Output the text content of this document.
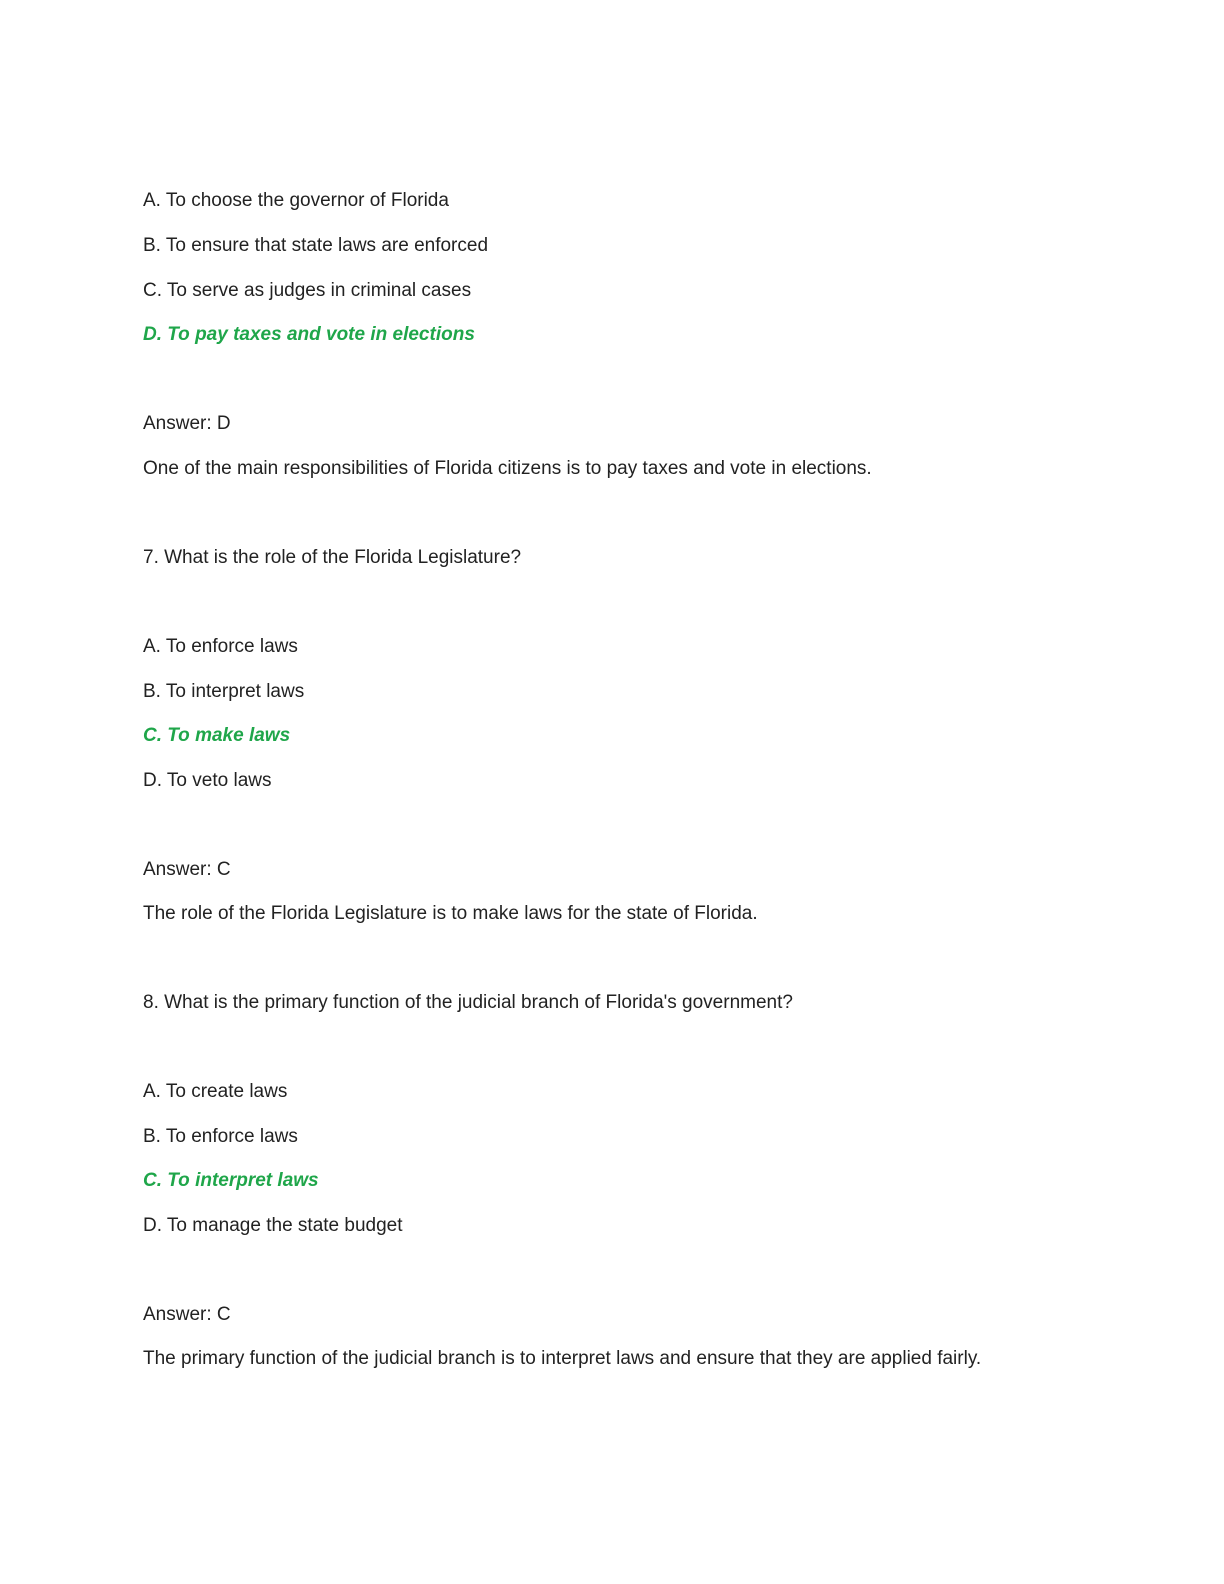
A. To choose the governor of Florida
B. To ensure that state laws are enforced
C. To serve as judges in criminal cases
D. To pay taxes and vote in elections
Answer: D
One of the main responsibilities of Florida citizens is to pay taxes and vote in elections.
7. What is the role of the Florida Legislature?
A. To enforce laws
B. To interpret laws
C. To make laws
D. To veto laws
Answer: C
The role of the Florida Legislature is to make laws for the state of Florida.
8. What is the primary function of the judicial branch of Florida's government?
A. To create laws
B. To enforce laws
C. To interpret laws
D. To manage the state budget
Answer: C
The primary function of the judicial branch is to interpret laws and ensure that they are applied fairly.
